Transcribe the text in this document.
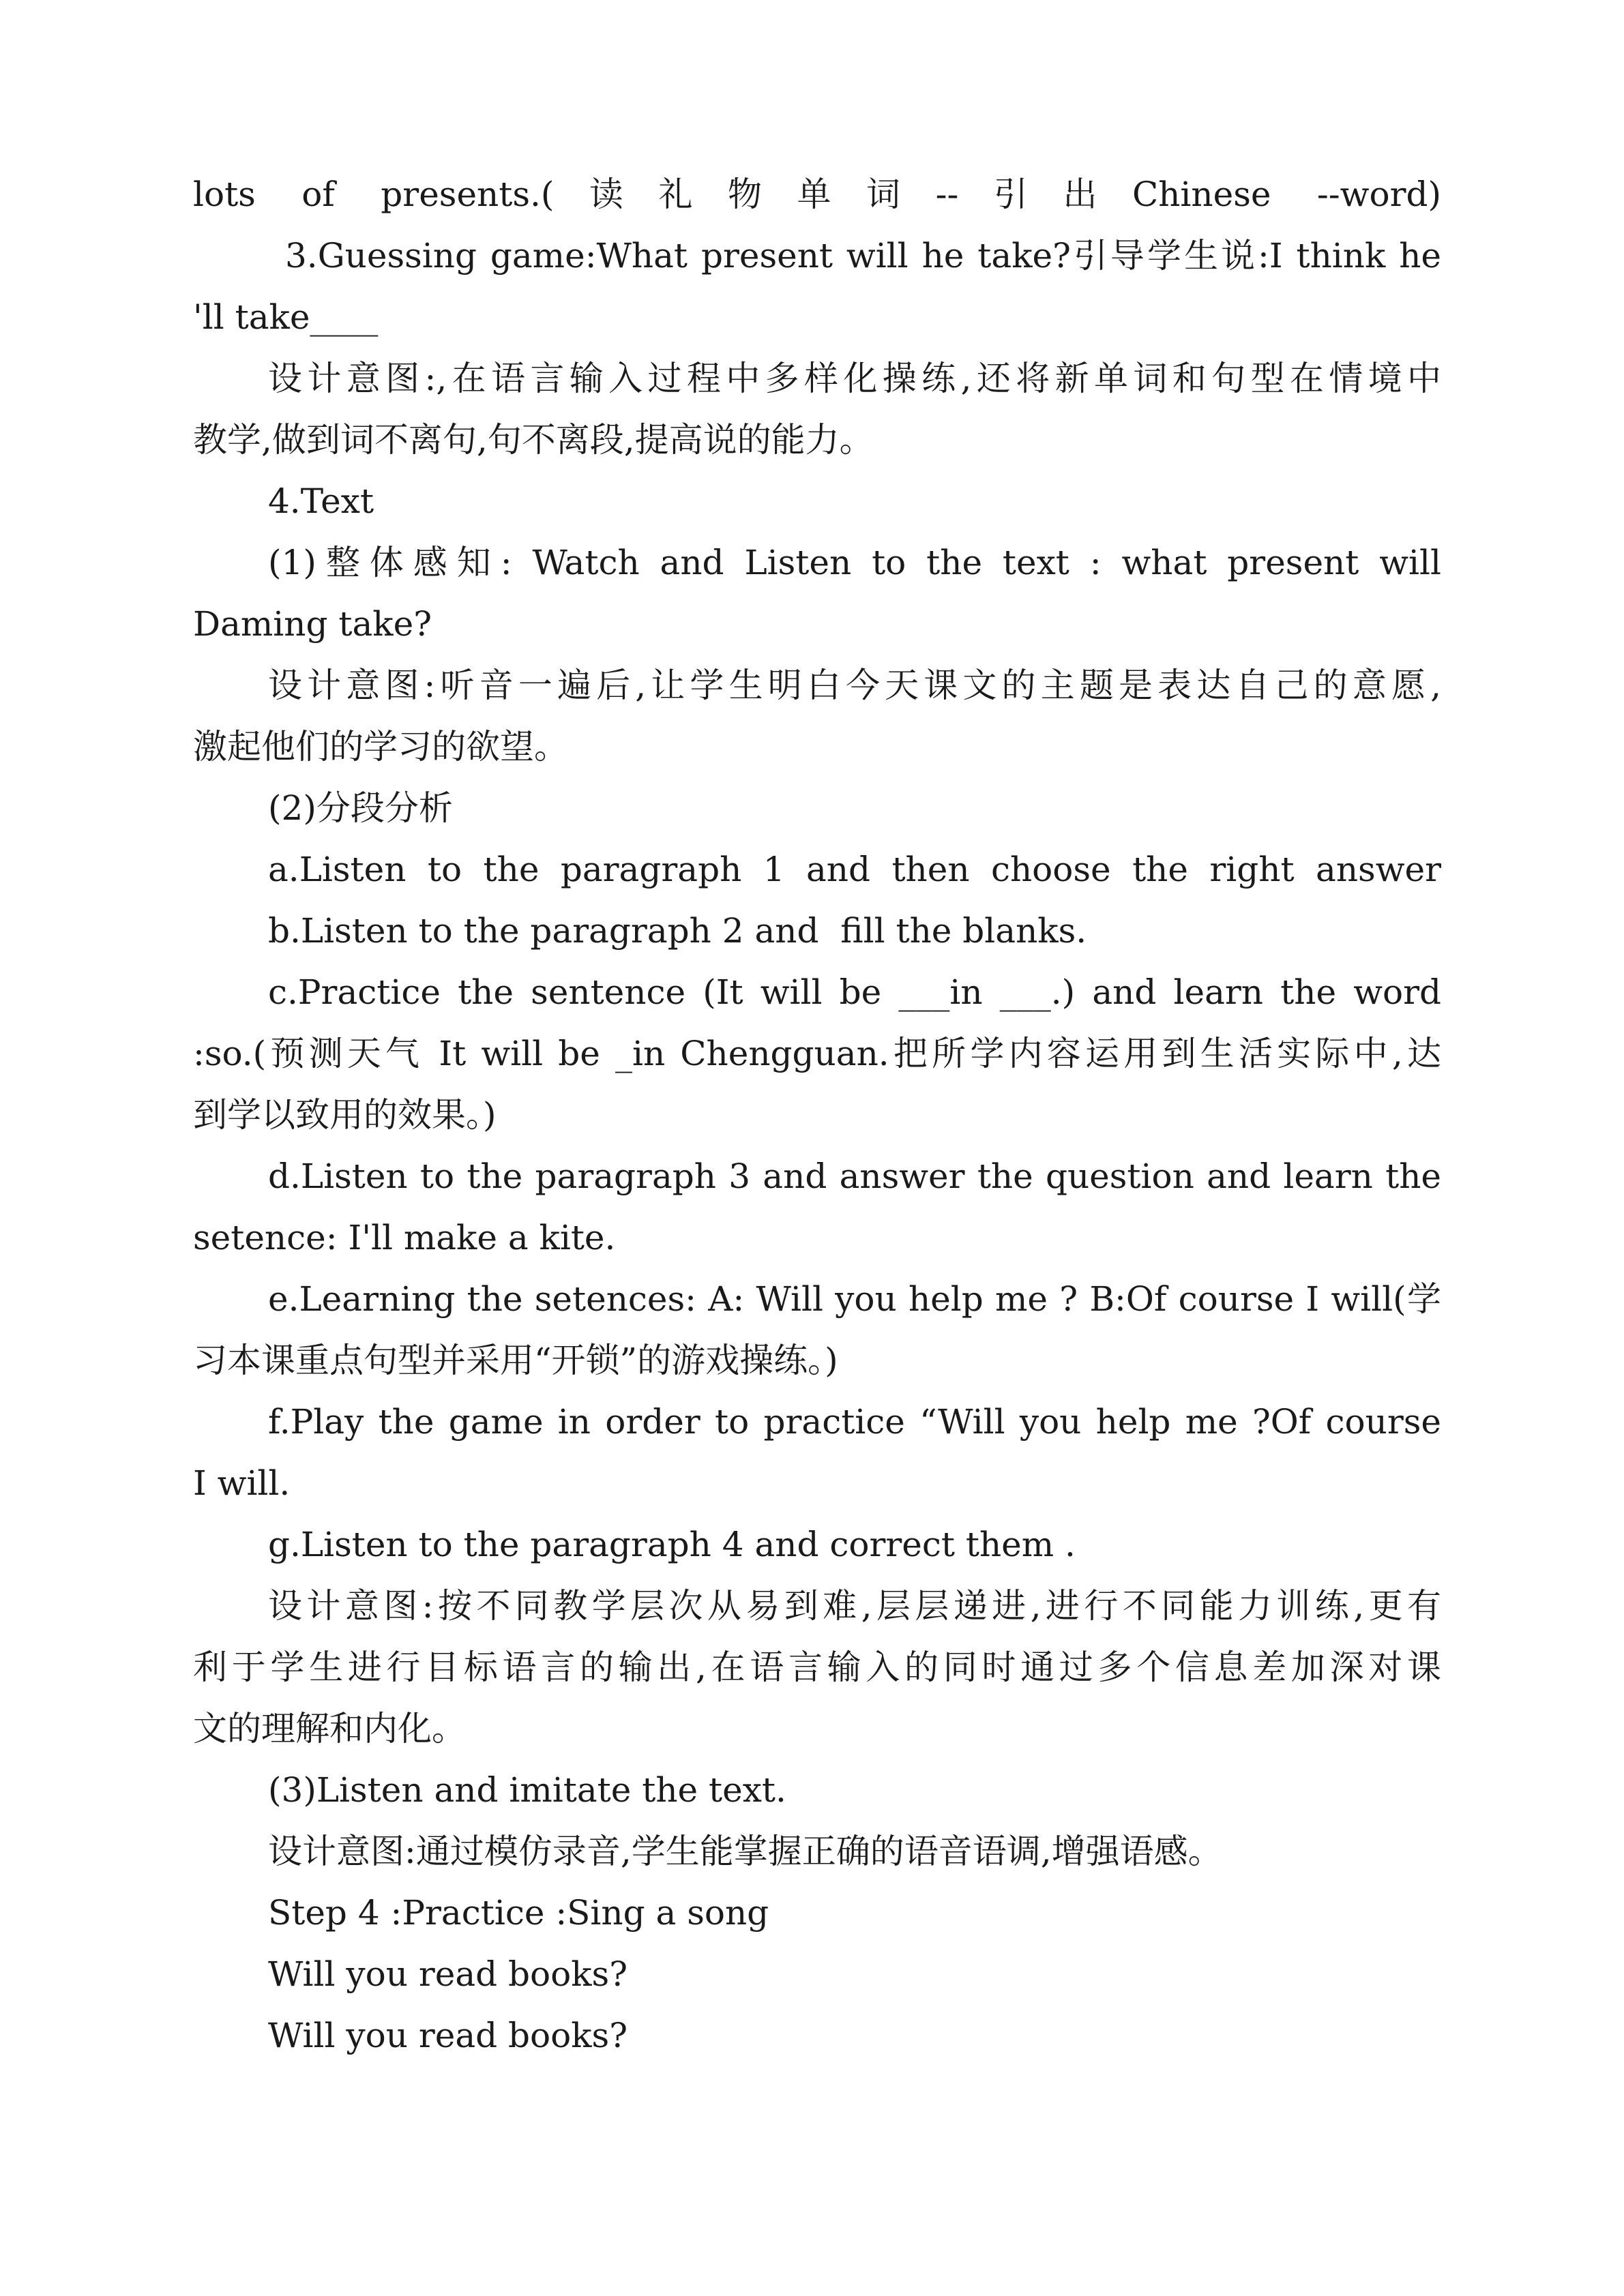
lots of presents.(读礼物单词--引出Chinese --word)

3.Guessing game:What present will he take?引导学生说:I think he

'll take____

设计意图:,在语言输入过程中多样化操练,还将新单词和句型在情境中

教学,做到词不离句,句不离段,提高说的能力。

4.Text

(1)整体感知: Watch and Listen to the text : what present will

Daming take?

设计意图:听音一遍后,让学生明白今天课文的主题是表达自己的意愿,

激起他们的学习的欲望。

(2)分段分析

a.Listen to the paragraph 1 and then choose the right answer

b.Listen to the paragraph 2 and  fill the blanks.

c.Practice the sentence (It will be ___in ___.) and learn the word

:so.(预测天气 It will be _in Chengguan.把所学内容运用到生活实际中,达

到学以致用的效果。)

d.Listen to the paragraph 3 and answer the question and learn the

setence: I'll make a kite.

e.Learning the setences: A: Will you help me ? B:Of course I will(学

习本课重点句型并采用“开锁”的游戏操练。)

f.Play the game in order to practice “Will you help me ?Of course

I will.

g.Listen to the paragraph 4 and correct them .

设计意图:按不同教学层次从易到难,层层递进,进行不同能力训练,更有

利于学生进行目标语言的输出,在语言输入的同时通过多个信息差加深对课

文的理解和内化。

(3)Listen and imitate the text.

设计意图:通过模仿录音,学生能掌握正确的语音语调,增强语感。

Step 4 :Practice :Sing a song

Will you read books?

Will you read books?
